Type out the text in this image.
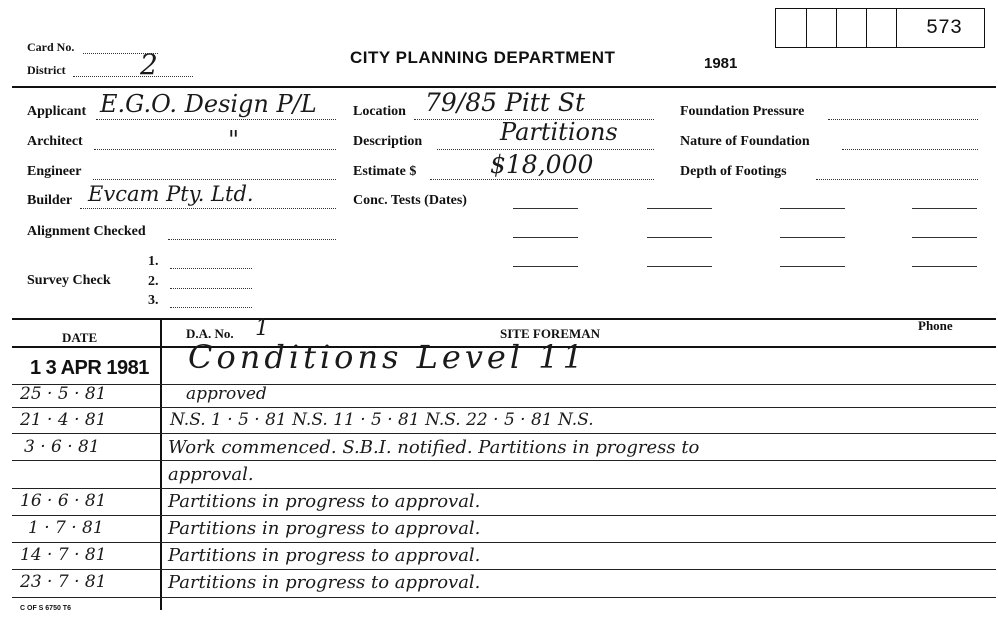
573
Card No.
District	2	CITY PLANNING DEPARTMENT	1981
Applicant E.G.O. Design P/L
Architect	"
Engineer
Builder Evcam Pty. Ltd.
Alignment Checked
Survey Check
1.
2.
3.
Location 79/85 Pitt St
Description	Partitions
Estimate $	$18,000
Conc. Tests (Dates)
Foundation Pressure
Nature of Foundation
Depth of Footings
DATE	D.A. No. 1	SITE FOREMAN
Phone
Conditions Level 11
1 3 APR 1981
25 · 5 · 81	approved
21 · 4 · 81	N.S. 1 · 5 · 81 N.S. 11 · 5 · 81 N.S. 22 · 5 · 81 N.S.
3 · 6 · 81	Work commenced. S.B.I. notified. Partitions in progress to
approval.
16 · 6 · 81	Partitions in progress to approval.
1 · 7 · 81	Partitions in progress to approval.
14 · 7 · 81	Partitions in progress to approval.
23 · 7 · 81	Partitions in progress to approval.
C OF S 6750 T6
